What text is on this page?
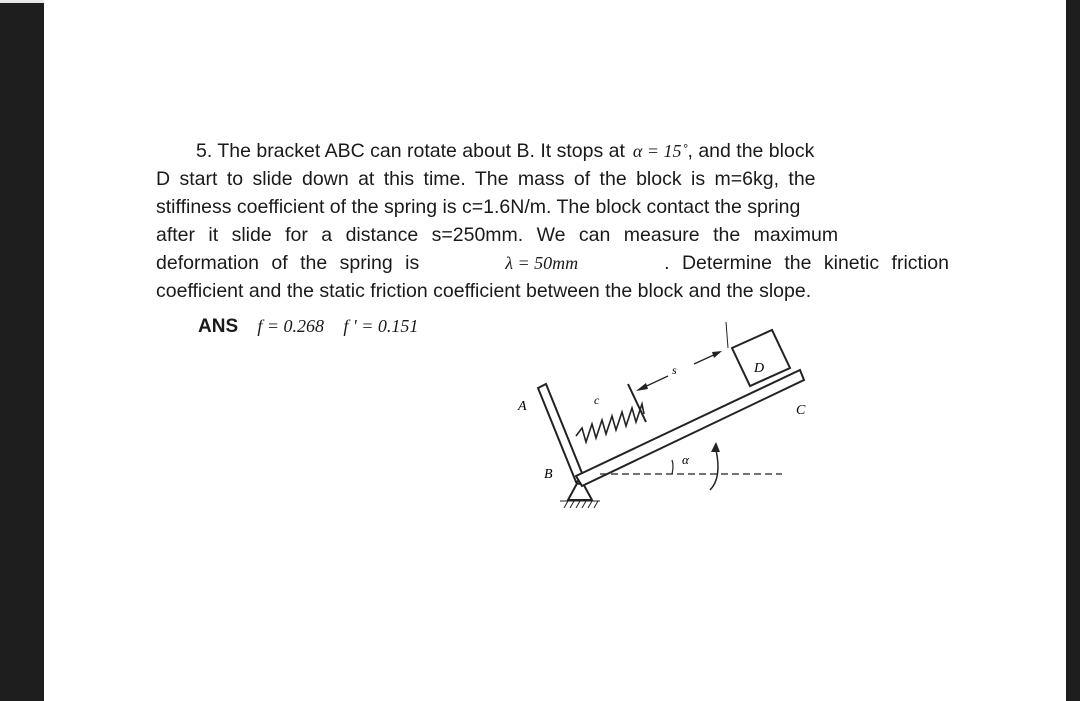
5. The bracket ABC can rotate about B. It stops at α = 15˚ , and the block
D start to slide down at this time. The mass of the block is m=6kg, the
stiffiness coefficient of the spring is c=1.6N/m. The block contact the spring
after it slide for a distance s=250mm. We can measure the maximum
deformation of the spring is	λ = 50mm	. Determine the kinetic friction
coefficient and the static friction coefficient between the block and the slope.
ANS f = 0.268 f ' = 0.151
D
s
α
A
B
C
c
